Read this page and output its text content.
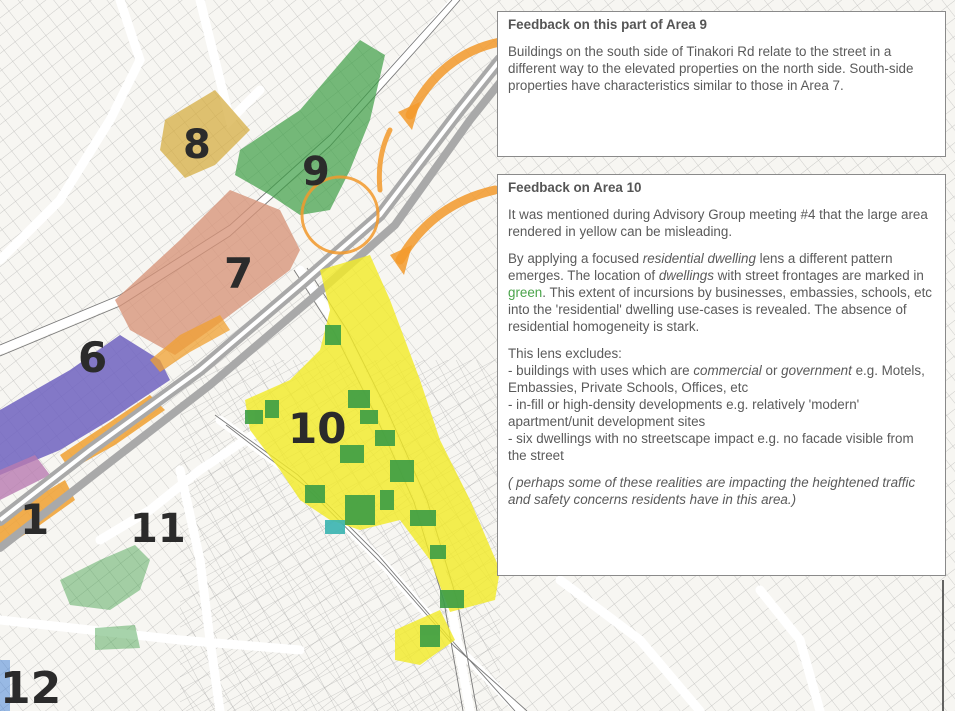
8
9
7
6
10
1 11
12
Feedback on this part of Area 9

Buildings on the south side of Tinakori Rd relate to the street in a different way to the elevated properties on the north side. South-side properties have characteristics similar to those in Area 7.

Feedback on Area 10

It was mentioned during Advisory Group meeting #4 that the large area rendered in yellow can be misleading.

By applying a focused residential dwelling lens a different pattern emerges. The location of dwellings with street frontages are marked in green. This extent of incursions by businesses, embassies, schools, etc into the 'residential' dwelling use-cases is revealed. The absence of residential homogeneity is stark.

This lens excludes:
- buildings with uses which are commercial or government e.g. Motels, Embassies, Private Schools, Offices, etc
- in-fill or high-density developments e.g. relatively 'modern' apartment/unit development sites
- six dwellings with no streetscape impact e.g. no facade visible from the street

( perhaps some of these realities are impacting the heightened traffic and safety concerns residents have in this area.)
